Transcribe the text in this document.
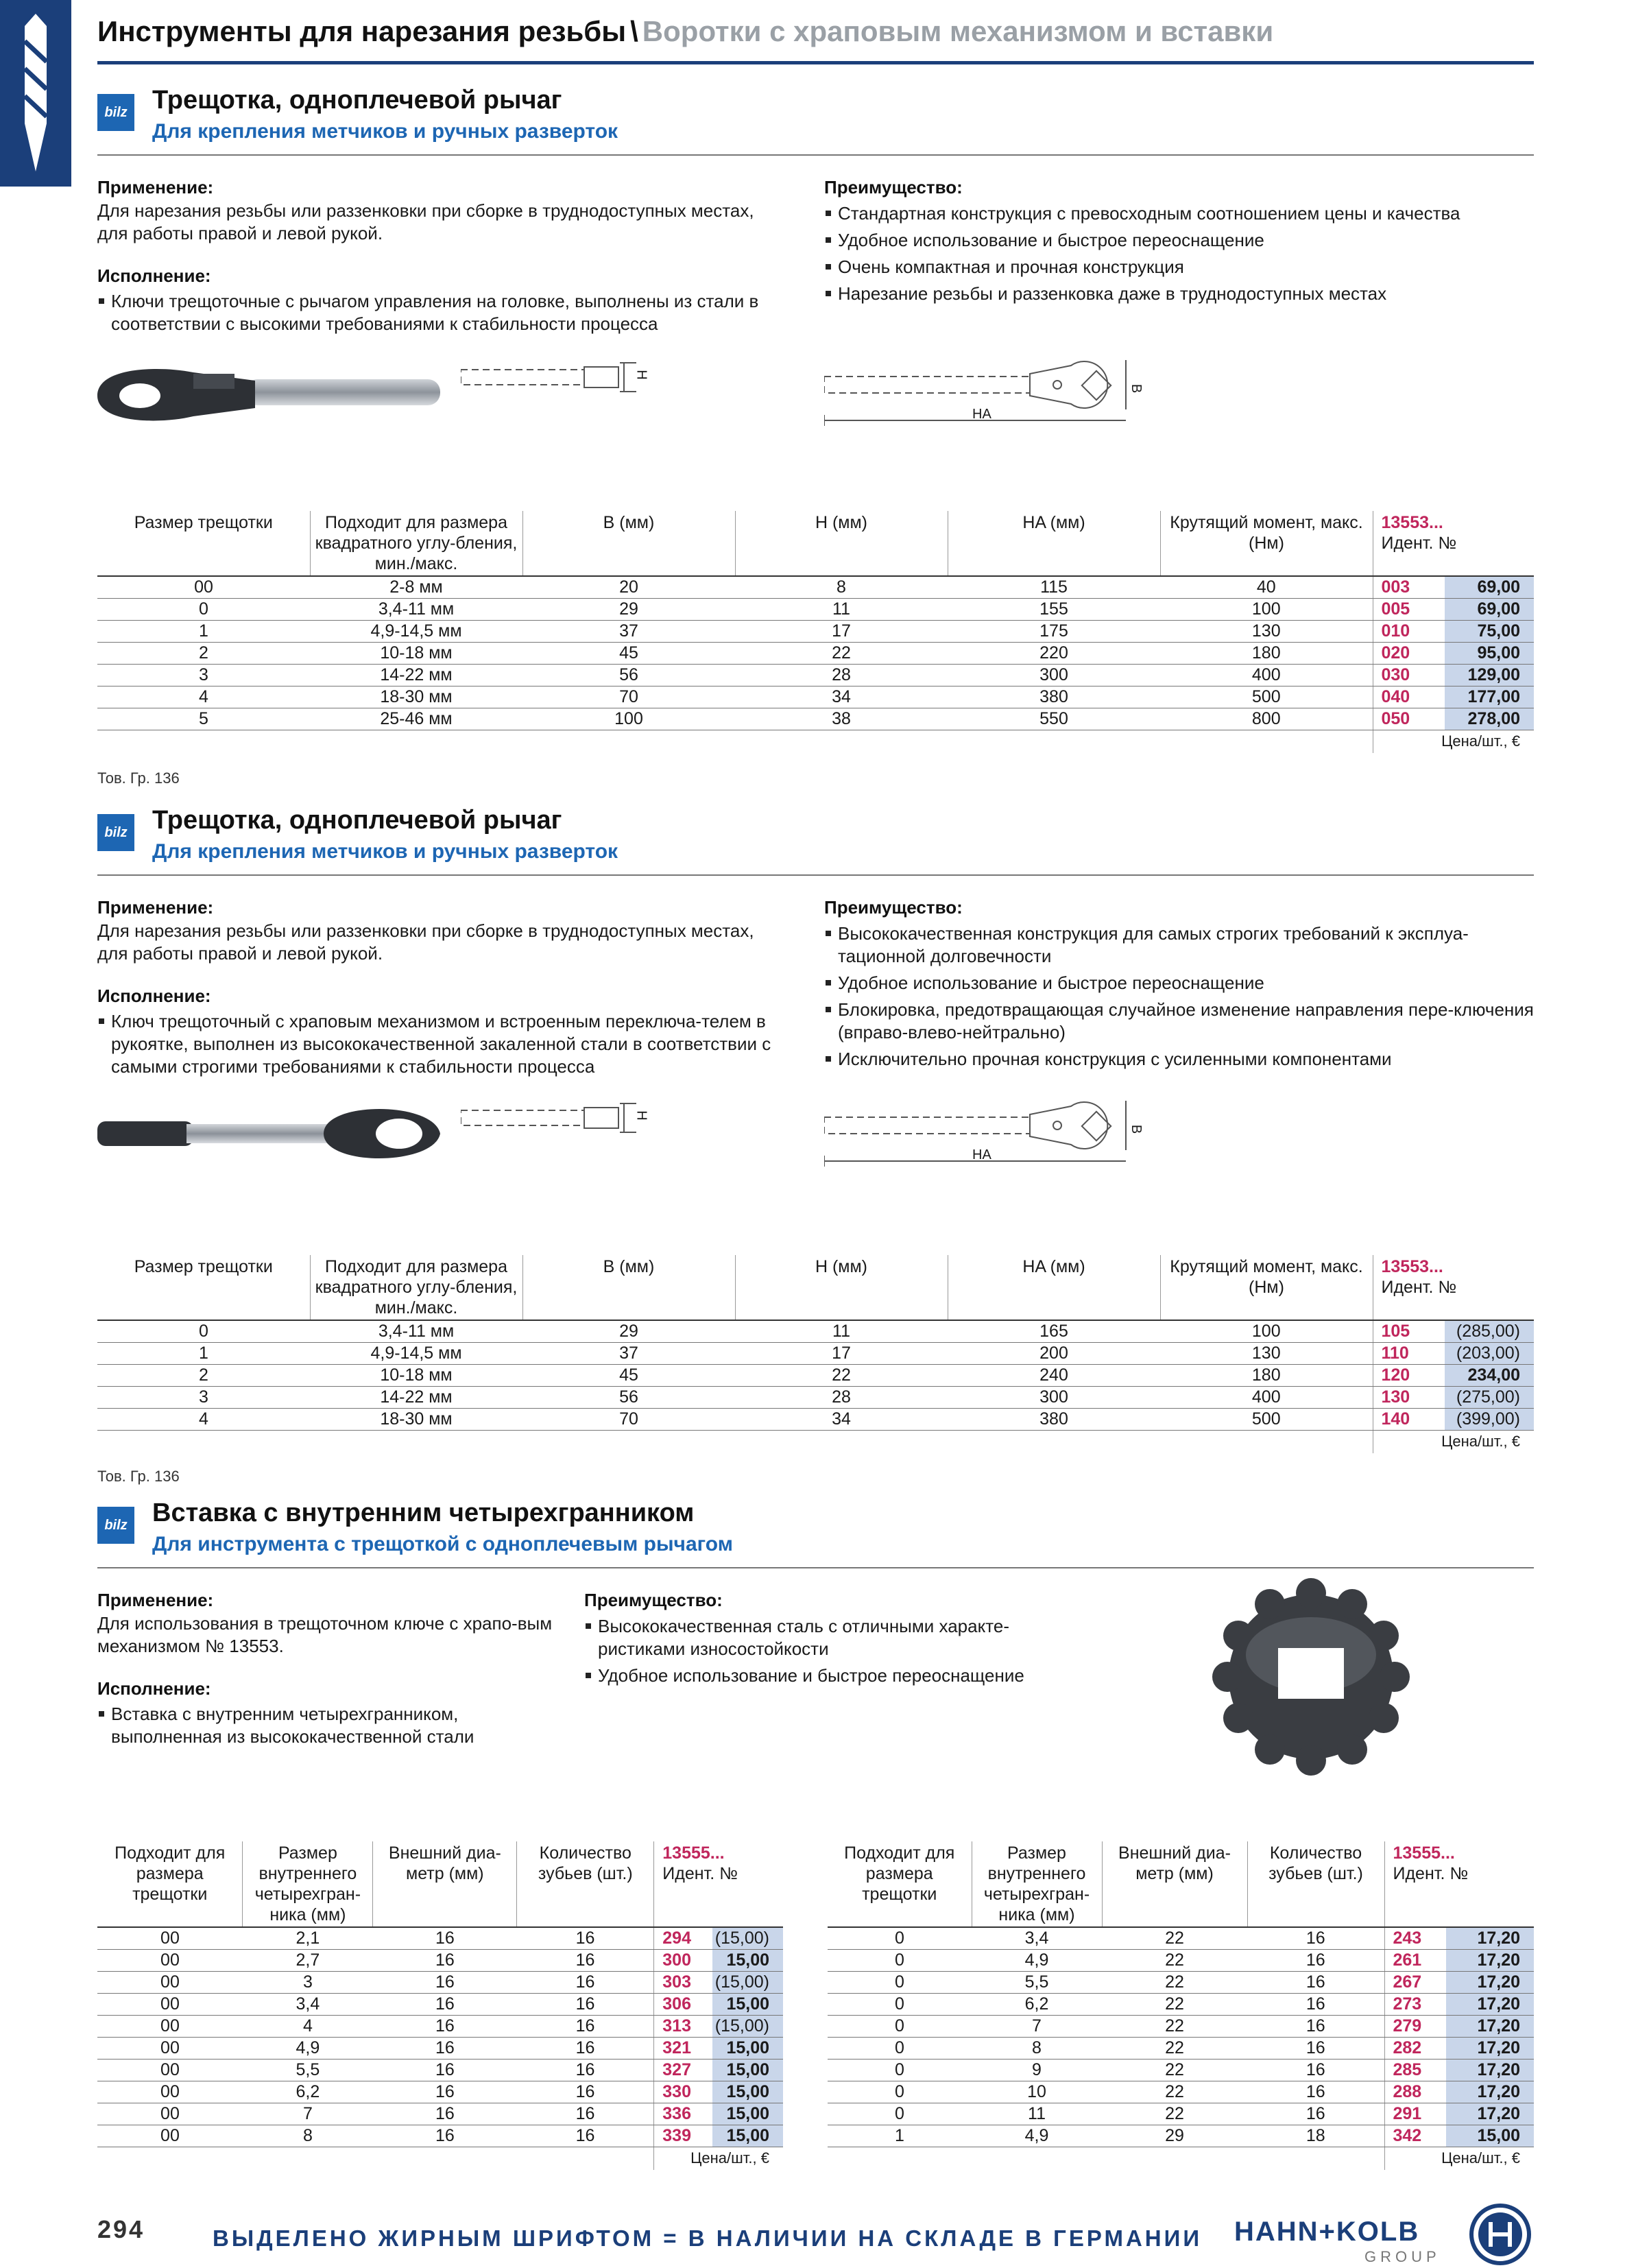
Инструменты для нарезания резьбы \ Воротки с храповым механизмом и вставки
bilz Трещотка, одноплечевой рычаг
Для крепления метчиков и ручных разверток
Применение:
Для нарезания резьбы или раззенковки при сборке в труднодоступных местах, для работы правой и левой рукой.
Исполнение:
Ключи трещоточные с рычагом управления на головке, выполнены из стали в соответствии с высокими требованиями к стабильности процесса
Преимущество:
Стандартная конструкция с превосходным соотношением цены и качества
Удобное использование и быстрое переоснащение
Очень компактная и прочная конструкция
Нарезание резьбы и раззенковка даже в труднодоступных местах
H
B
HA
Размер трещотки	Подходит для размера квадратного углу-бления, мин./макс.	B (мм)	H (мм)	HA (мм)	Крутящий момент, макс. (Нм)	13553...
Идент. №	
00	2-8 мм	20	8	115	40	003	69,00
0	3,4-11 мм	29	11	155	100	005	69,00
1	4,9-14,5 мм	37	17	175	130	010	75,00
2	10-18 мм	45	22	220	180	020	95,00
3	14-22 мм	56	28	300	400	030	129,00
4	18-30 мм	70	34	380	500	040	177,00
5	25-46 мм	100	38	550	800	050	278,00
						Цена/шт., €	
Тов. Гр. 136
bilz Трещотка, одноплечевой рычаг
Для крепления метчиков и ручных разверток
Применение:
Для нарезания резьбы или раззенковки при сборке в труднодоступных местах, для работы правой и левой рукой.
Исполнение:
Ключ трещоточный с храповым механизмом и встроенным переключа-телем в рукоятке, выполнен из высококачественной закаленной стали в соответствии с самыми строгими требованиями к стабильности процесса
Преимущество:
Высококачественная конструкция для самых строгих требований к эксплуа-тационной долговечности
Удобное использование и быстрое переоснащение
Блокировка, предотвращающая случайное изменение направления пере-ключения (вправо-влево-нейтрально)
Исключительно прочная конструкция с усиленными компонентами
H
B
HA
Размер трещотки	Подходит для размера квадратного углу-бления, мин./макс.	B (мм)	H (мм)	HA (мм)	Крутящий момент, макс. (Нм)	13553...
Идент. №	
0	3,4-11 мм	29	11	165	100	105	(285,00)
1	4,9-14,5 мм	37	17	200	130	110	(203,00)
2	10-18 мм	45	22	240	180	120	234,00
3	14-22 мм	56	28	300	400	130	(275,00)
4	18-30 мм	70	34	380	500	140	(399,00)
						Цена/шт., €	
Тов. Гр. 136
bilz Вставка с внутренним четырехгранником
Для инструмента с трещоткой с одноплечевым рычагом
Применение:
Для использования в трещоточном ключе с храпо-вым механизмом № 13553.
Исполнение:
Вставка с внутренним четырехгранником, выполненная из высококачественной стали
Преимущество:
Высококачественная сталь с отличными характе-ристиками износостойкости
Удобное использование и быстрое переоснащение
Подходит для размера трещотки	Размер внутреннего четырехгран-ника (мм)	Внешний диа-метр (мм)	Количество зубьев (шт.)	13555...
Идент. №	
00	2,1	16	16	294	(15,00)
00	2,7	16	16	300	15,00
00	3	16	16	303	(15,00)
00	3,4	16	16	306	15,00
00	4	16	16	313	(15,00)
00	4,9	16	16	321	15,00
00	5,5	16	16	327	15,00
00	6,2	16	16	330	15,00
00	7	16	16	336	15,00
00	8	16	16	339	15,00
				Цена/шт., €	
Подходит для размера трещотки	Размер внутреннего четырехгран-ника (мм)	Внешний диа-метр (мм)	Количество зубьев (шт.)	13555...
Идент. №	
0	3,4	22	16	243	17,20
0	4,9	22	16	261	17,20
0	5,5	22	16	267	17,20
0	6,2	22	16	273	17,20
0	7	22	16	279	17,20
0	8	22	16	282	17,20
0	9	22	16	285	17,20
0	10	22	16	288	17,20
0	11	22	16	291	17,20
1	4,9	29	18	342	15,00
				Цена/шт., €	
294	ВЫДЕЛЕНО ЖИРНЫМ ШРИФТОМ = В НАЛИЧИИ НА СКЛАДЕ В ГЕРМАНИИ HAHN+KOLB
GROUP
